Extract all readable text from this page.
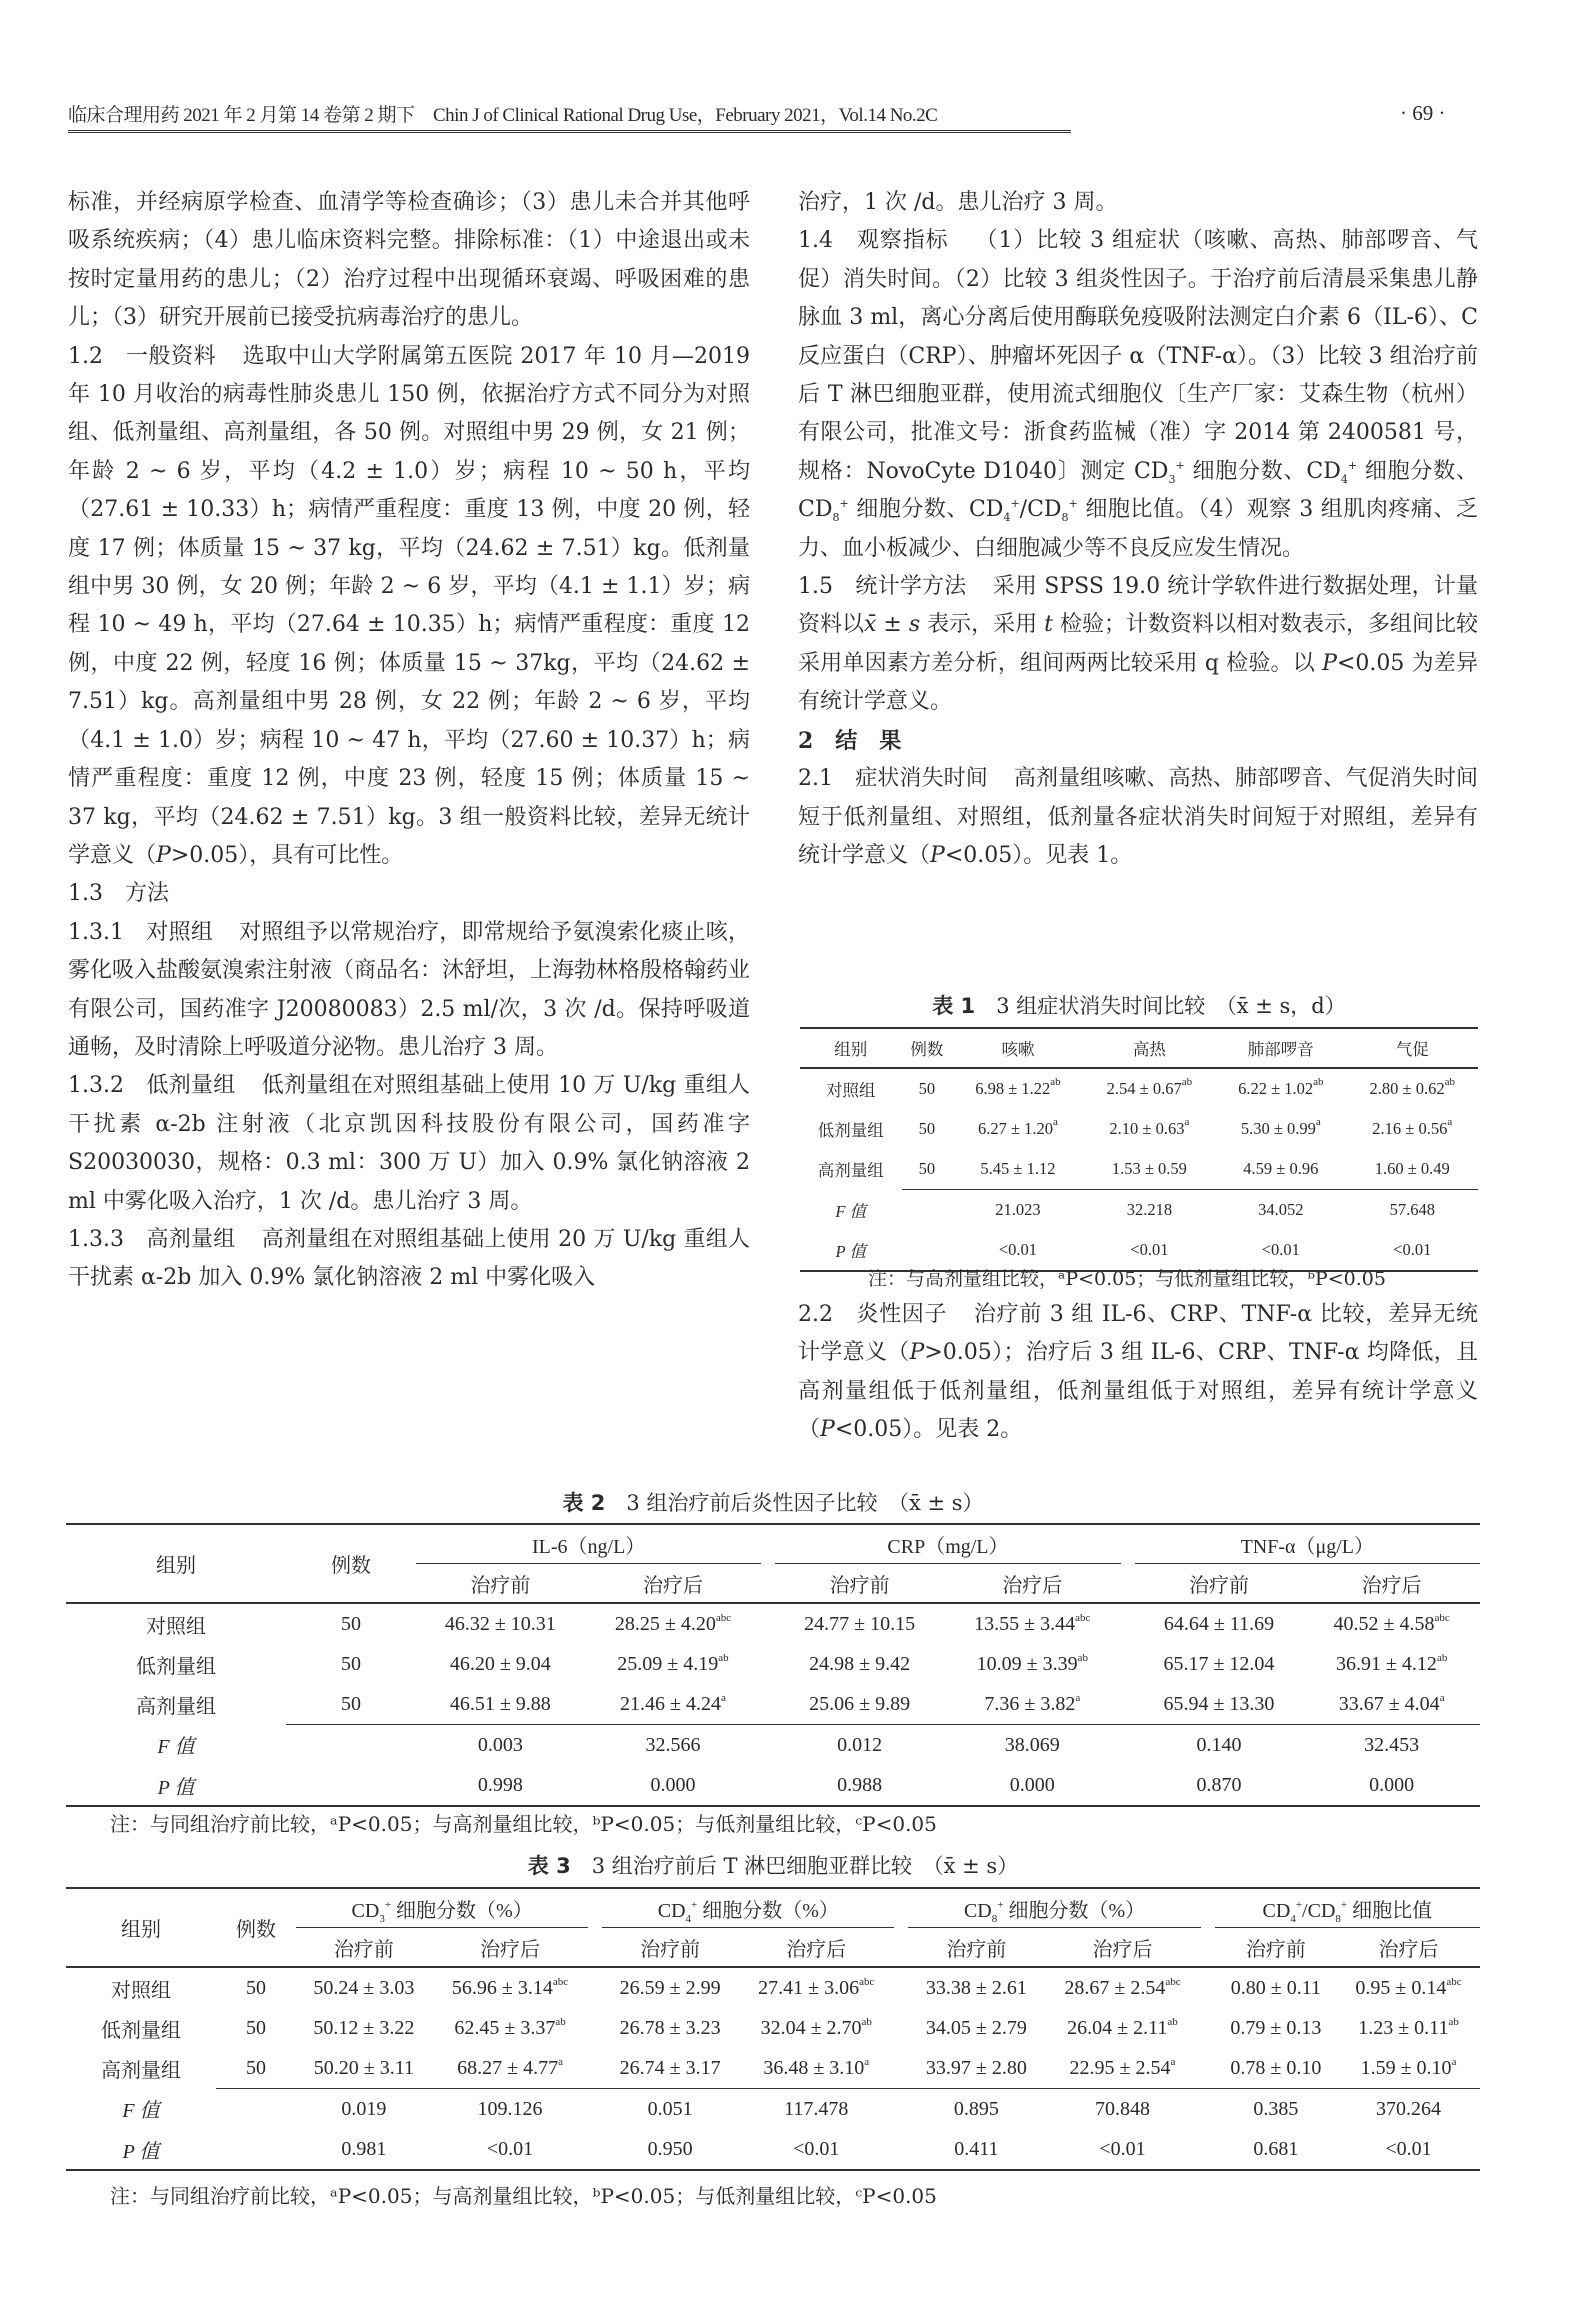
临床合理用药 2021 年 2 月第 14 卷第 2 期下　Chin J of Clinical Rational Drug Use，February 2021，Vol.14 No.2C	· 69 ·

标准，并经病原学检查、血清学等检查确诊；（3）患儿未合并其他呼吸系统疾病；（4）患儿临床资料完整。排除标准：（1）中途退出或未按时定量用药的患儿；（2）治疗过程中出现循环衰竭、呼吸困难的患儿；（3）研究开展前已接受抗病毒治疗的患儿。

1.2　一般资料 选取中山大学附属第五医院 2017 年 10 月—2019 年 10 月收治的病毒性肺炎患儿 150 例，依据治疗方式不同分为对照组、低剂量组、高剂量组，各 50 例。对照组中男 29 例，女 21 例；年龄 2 ~ 6 岁，平均（4.2 ± 1.0）岁；病程 10 ~ 50 h，平均（27.61 ± 10.33）h；病情严重程度：重度 13 例，中度 20 例，轻度 17 例；体质量 15 ~ 37 kg，平均（24.62 ± 7.51）kg。低剂量组中男 30 例，女 20 例；年龄 2 ~ 6 岁，平均（4.1 ± 1.1）岁；病程 10 ~ 49 h，平均（27.64 ± 10.35）h；病情严重程度：重度 12 例，中度 22 例，轻度 16 例；体质量 15 ~ 37kg，平均（24.62 ± 7.51）kg。高剂量组中男 28 例，女 22 例；年龄 2 ~ 6 岁，平均（4.1 ± 1.0）岁；病程 10 ~ 47 h，平均（27.60 ± 10.37）h；病情严重程度：重度 12 例，中度 23 例，轻度 15 例；体质量 15 ~ 37 kg，平均（24.62 ± 7.51）kg。3 组一般资料比较，差异无统计学意义（P>0.05），具有可比性。

1.3　方法

1.3.1　对照组 对照组予以常规治疗，即常规给予氨溴索化痰止咳，雾化吸入盐酸氨溴索注射液（商品名：沐舒坦，上海勃林格殷格翰药业有限公司，国药准字 J20080083）2.5 ml/次，3 次 /d。保持呼吸道通畅，及时清除上呼吸道分泌物。患儿治疗 3 周。

1.3.2　低剂量组 低剂量组在对照组基础上使用 10 万 U/kg 重组人干扰素 α-2b 注射液（北京凯因科技股份有限公司，国药准字 S20030030，规格：0.3 ml：300 万 U）加入 0.9% 氯化钠溶液 2 ml 中雾化吸入治疗，1 次 /d。患儿治疗 3 周。

1.3.3　高剂量组 高剂量组在对照组基础上使用 20 万 U/kg 重组人干扰素 α-2b 加入 0.9% 氯化钠溶液 2 ml 中雾化吸入

治疗，1 次 /d。患儿治疗 3 周。

1.4　观察指标 （1）比较 3 组症状（咳嗽、高热、肺部啰音、气促）消失时间。（2）比较 3 组炎性因子。于治疗前后清晨采集患儿静脉血 3 ml，离心分离后使用酶联免疫吸附法测定白介素 6（IL-6）、C 反应蛋白（CRP）、肿瘤坏死因子 α（TNF-α）。（3）比较 3 组治疗前后 T 淋巴细胞亚群，使用流式细胞仪〔生产厂家：艾森生物（杭州）有限公司，批准文号：浙食药监械（准）字 2014 第 2400581 号，规格：NovoCyte D1040〕测定 $CD_3^+$ 细胞分数、$CD_4^+$ 细胞分数、$CD_8^+$ 细胞分数、$CD_4^+/CD_8^+$ 细胞比值。（4）观察 3 组肌肉疼痛、乏力、血小板减少、白细胞减少等不良反应发生情况。

1.5　统计学方法 采用 SPSS 19.0 统计学软件进行数据处理，计量资料以x̄ ± s 表示，采用 t 检验；计数资料以相对数表示，多组间比较采用单因素方差分析，组间两两比较采用 q 检验。以 P<0.05 为差异有统计学意义。

2　结　果

2.1　症状消失时间 高剂量组咳嗽、高热、肺部啰音、气促消失时间短于低剂量组、对照组，低剂量各症状消失时间短于对照组，差异有统计学意义（P<0.05）。见表 1。

表 1　 3 组症状消失时间比较　（x̄ ± s，d）
组别	例数	咳嗽	高热	肺部啰音	气促
对照组	50	6.98 ± 1.22$^{ab}$	2.54 ± 0.67$^{ab}$	6.22 ± 1.02$^{ab}$	2.80 ± 0.62$^{ab}$
低剂量组	50	6.27 ± 1.20$^a$	2.10 ± 0.63$^a$	5.30 ± 0.99$^a$	2.16 ± 0.56$^a$
高剂量组	50	5.45 ± 1.12	1.53 ± 0.59	4.59 ± 0.96	1.60 ± 0.49
F 值		21.023	32.218	34.052	57.648
P 值		<0.01	<0.01	<0.01	<0.01
注：与高剂量组比较，ᵃP<0.05；与低剂量组比较，ᵇP<0.05

2.2　炎性因子 治疗前 3 组 IL-6、CRP、TNF-α 比较，差异无统计学意义（P>0.05）；治疗后 3 组 IL-6、CRP、TNF-α 均降低，且高剂量组低于低剂量组，低剂量组低于对照组，差异有统计学意义（P<0.05）。见表 2。

表 2　 3 组治疗前后炎性因子比较　（x̄ ± s）
组别	例数	IL-6（ng/L）			CRP（mg/L）			TNF-α（μg/L）	
		治疗前	治疗后		治疗前	治疗后		治疗前	治疗后
对照组	50	46.32 ± 10.31	28.25 ± 4.20$^{abc}$		24.77 ± 10.15	13.55 ± 3.44$^{abc}$		64.64 ± 11.69	40.52 ± 4.58$^{abc}$
低剂量组	50	46.20 ± 9.04	25.09 ± 4.19$^{ab}$		24.98 ± 9.42	10.09 ± 3.39$^{ab}$		65.17 ± 12.04	36.91 ± 4.12$^{ab}$
高剂量组	50	46.51 ± 9.88	21.46 ± 4.24$^a$		25.06 ± 9.89	7.36 ± 3.82$^a$		65.94 ± 13.30	33.67 ± 4.04$^a$
F 值		0.003	32.566		0.012	38.069		0.140	32.453
P 值		0.998	0.000		0.988	0.000		0.870	0.000
注：与同组治疗前比较，ᵃP<0.05；与高剂量组比较，ᵇP<0.05；与低剂量组比较，ᶜP<0.05
表 3　 3 组治疗前后 T 淋巴细胞亚群比较　（x̄ ± s）
组别	例数	$CD_3^+$ 细胞分数（%）			$CD_4^+$ 细胞分数（%）			$CD_8^+$ 细胞分数（%）			$CD_4^+/CD_8^+$ 细胞比值	
		治疗前	治疗后		治疗前	治疗后		治疗前	治疗后		治疗前	治疗后
对照组	50	50.24 ± 3.03	56.96 ± 3.14$^{abc}$		26.59 ± 2.99	27.41 ± 3.06$^{abc}$		33.38 ± 2.61	28.67 ± 2.54$^{abc}$		0.80 ± 0.11	0.95 ± 0.14$^{abc}$
低剂量组	50	50.12 ± 3.22	62.45 ± 3.37$^{ab}$		26.78 ± 3.23	32.04 ± 2.70$^{ab}$		34.05 ± 2.79	26.04 ± 2.11$^{ab}$		0.79 ± 0.13	1.23 ± 0.11$^{ab}$
高剂量组	50	50.20 ± 3.11	68.27 ± 4.77$^a$		26.74 ± 3.17	36.48 ± 3.10$^a$		33.97 ± 2.80	22.95 ± 2.54$^a$		0.78 ± 0.10	1.59 ± 0.10$^a$
F 值		0.019	109.126		0.051	117.478		0.895	70.848		0.385	370.264
P 值		0.981	<0.01		0.950	<0.01		0.411	<0.01		0.681	<0.01
注：与同组治疗前比较，ᵃP<0.05；与高剂量组比较，ᵇP<0.05；与低剂量组比较，ᶜP<0.05
